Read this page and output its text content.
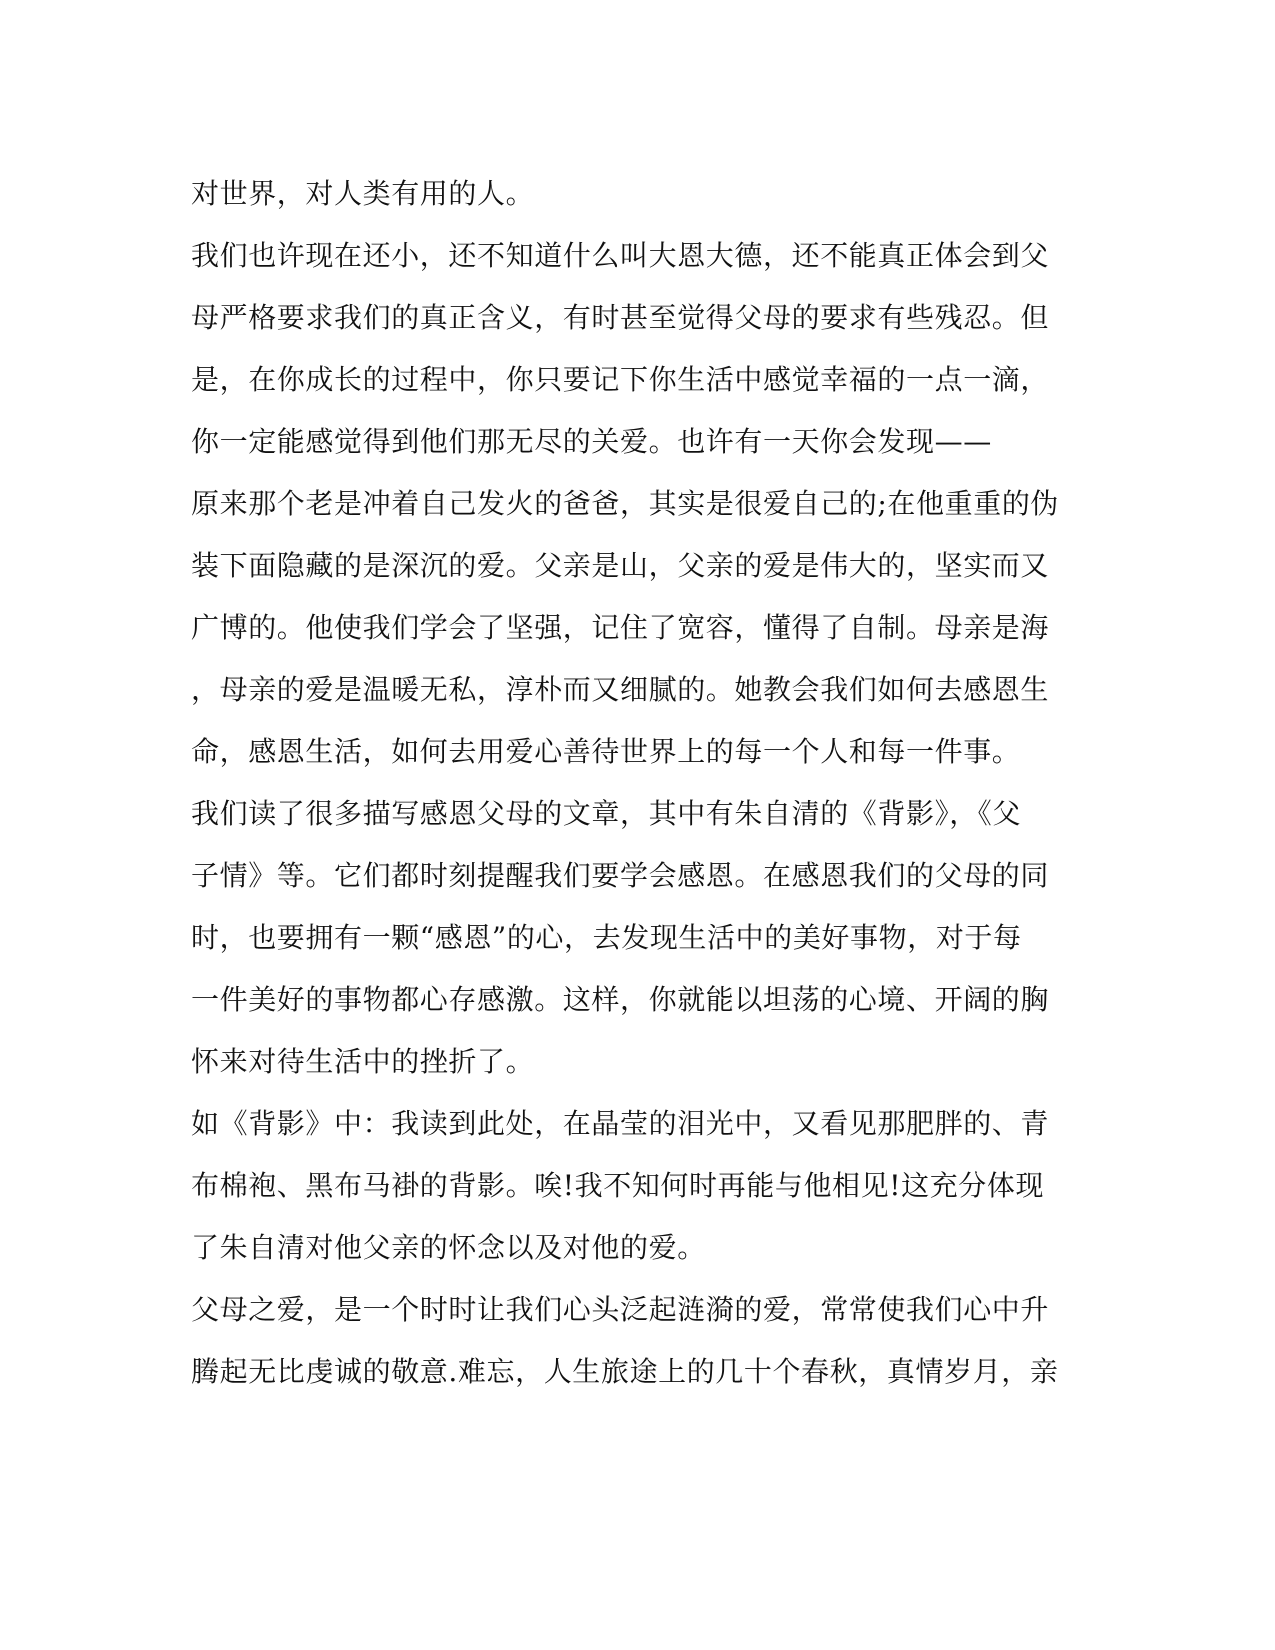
对世界，对人类有用的人。
我们也许现在还小，还不知道什么叫大恩大德，还不能真正体会到父
母严格要求我们的真正含义，有时甚至觉得父母的要求有些残忍。但
是，在你成长的过程中，你只要记下你生活中感觉幸福的一点一滴，
你一定能感觉得到他们那无尽的关爱。也许有一天你会发现——
原来那个老是冲着自己发火的爸爸，其实是很爱自己的;在他重重的伪
装下面隐藏的是深沉的爱。父亲是山，父亲的爱是伟大的，坚实而又
广博的。他使我们学会了坚强，记住了宽容，懂得了自制。母亲是海
，母亲的爱是温暖无私，淳朴而又细腻的。她教会我们如何去感恩生
命，感恩生活，如何去用爱心善待世界上的每一个人和每一件事。
我们读了很多描写感恩父母的文章，其中有朱自清的《背影》，《父
子情》等。它们都时刻提醒我们要学会感恩。在感恩我们的父母的同
时，也要拥有一颗“感恩”的心，去发现生活中的美好事物，对于每
一件美好的事物都心存感激。这样，你就能以坦荡的心境、开阔的胸
怀来对待生活中的挫折了。
如《背影》中：我读到此处，在晶莹的泪光中，又看见那肥胖的、青
布棉袍、黑布马褂的背影。唉!我不知何时再能与他相见!这充分体现
了朱自清对他父亲的怀念以及对他的爱。
父母之爱，是一个时时让我们心头泛起涟漪的爱，常常使我们心中升
腾起无比虔诚的敬意.难忘，人生旅途上的几十个春秋，真情岁月，亲
